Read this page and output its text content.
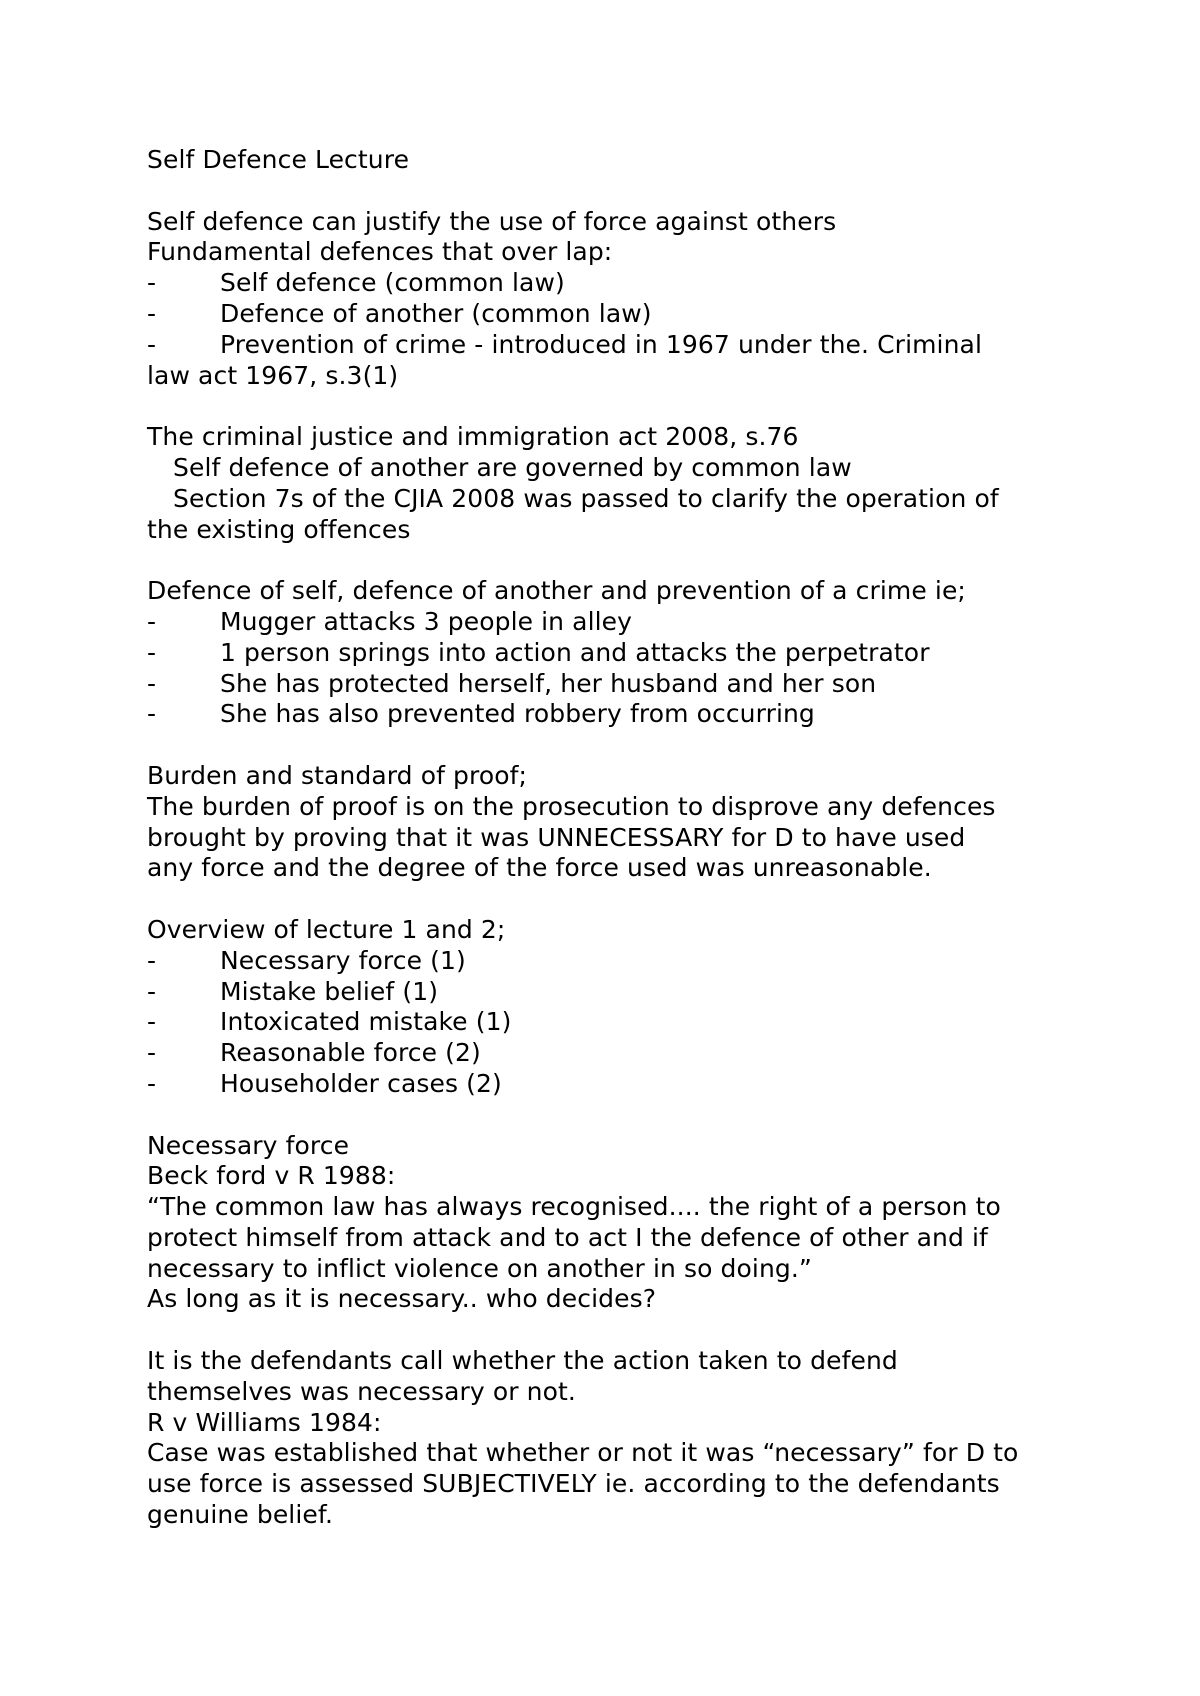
Self Defence Lecture
Self defence can justify the use of force against others
Fundamental defences that over lap:
-	Self defence (common law)
-	Defence of another (common law)
-	Prevention of crime - introduced in 1967 under the. Criminal
law act 1967, s.3(1)
The criminal justice and immigration act 2008, s.76
Self defence of another are governed by common law
Section 7s of the CJIA 2008 was passed to clarify the operation of
the existing offences
Defence of self, defence of another and prevention of a crime ie;
-	Mugger attacks 3 people in alley
-	1 person springs into action and attacks the perpetrator
-	She has protected herself, her husband and her son
-	She has also prevented robbery from occurring
Burden and standard of proof;
The burden of proof is on the prosecution to disprove any defences
brought by proving that it was UNNECESSARY for D to have used
any force and the degree of the force used was unreasonable.
Overview of lecture 1 and 2;
-	Necessary force (1)
-	Mistake belief (1)
-	Intoxicated mistake (1)
-	Reasonable force (2)
-	Householder cases (2)
Necessary force
Beck ford v R 1988:
“The common law has always recognised.... the right of a person to
protect himself from attack and to act I the defence of other and if
necessary to inflict violence on another in so doing.”
As long as it is necessary.. who decides?
It is the defendants call whether the action taken to defend
themselves was necessary or not.
R v Williams 1984:
Case was established that whether or not it was “necessary” for D to
use force is assessed SUBJECTIVELY ie. according to the defendants
genuine belief.
